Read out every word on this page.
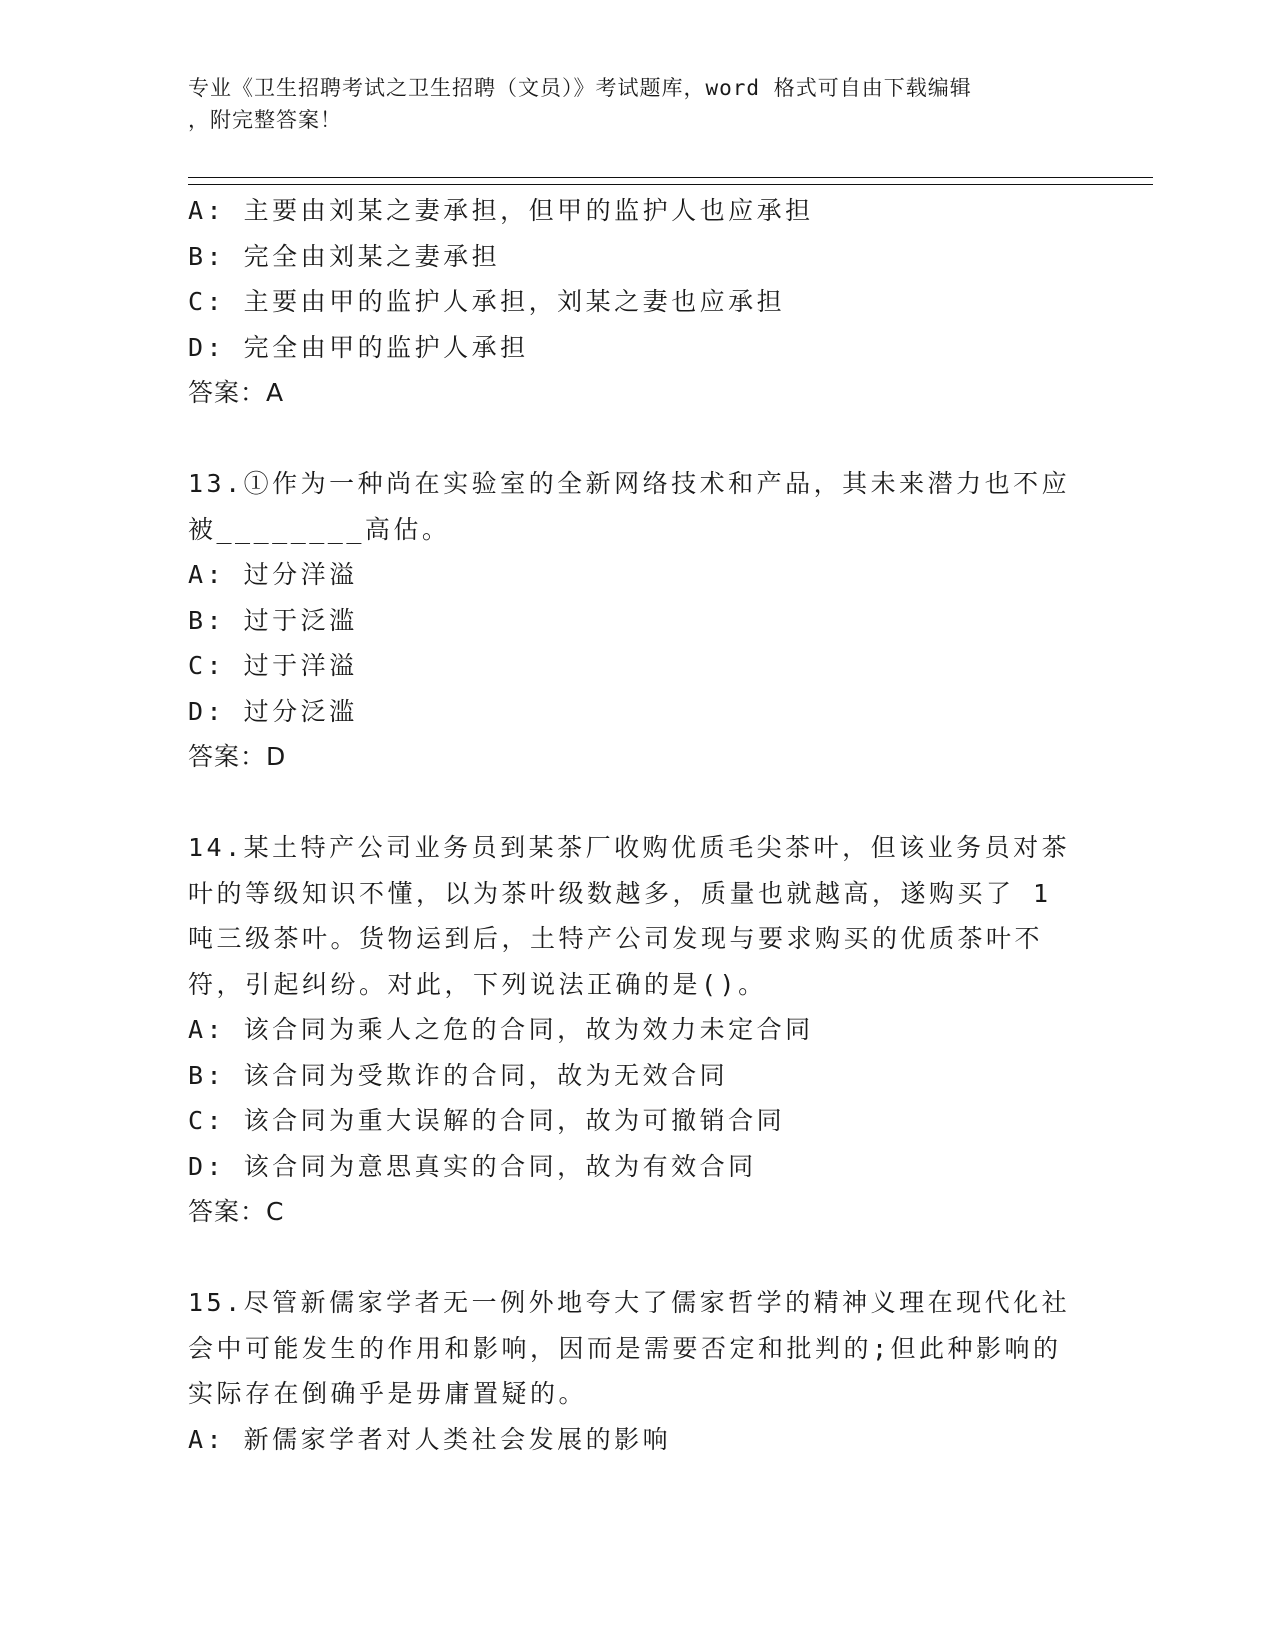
专业《卫生招聘考试之卫生招聘（文员）》考试题库，word 格式可自由下载编辑
，附完整答案！
A: 主要由刘某之妻承担，但甲的监护人也应承担
B: 完全由刘某之妻承担
C: 主要由甲的监护人承担，刘某之妻也应承担
D: 完全由甲的监护人承担
答案：A
13.①作为一种尚在实验室的全新网络技术和产品，其未来潜力也不应
被________高估。
A: 过分洋溢
B: 过于泛滥
C: 过于洋溢
D: 过分泛滥
答案：D
14.某土特产公司业务员到某茶厂收购优质毛尖茶叶，但该业务员对茶
叶的等级知识不懂，以为茶叶级数越多，质量也就越高，遂购买了 1
吨三级茶叶。货物运到后，土特产公司发现与要求购买的优质茶叶不
符，引起纠纷。对此，下列说法正确的是()。
A: 该合同为乘人之危的合同，故为效力未定合同
B: 该合同为受欺诈的合同，故为无效合同
C: 该合同为重大误解的合同，故为可撤销合同
D: 该合同为意思真实的合同，故为有效合同
答案：C
15.尽管新儒家学者无一例外地夸大了儒家哲学的精神义理在现代化社
会中可能发生的作用和影响，因而是需要否定和批判的;但此种影响的
实际存在倒确乎是毋庸置疑的。
A: 新儒家学者对人类社会发展的影响
